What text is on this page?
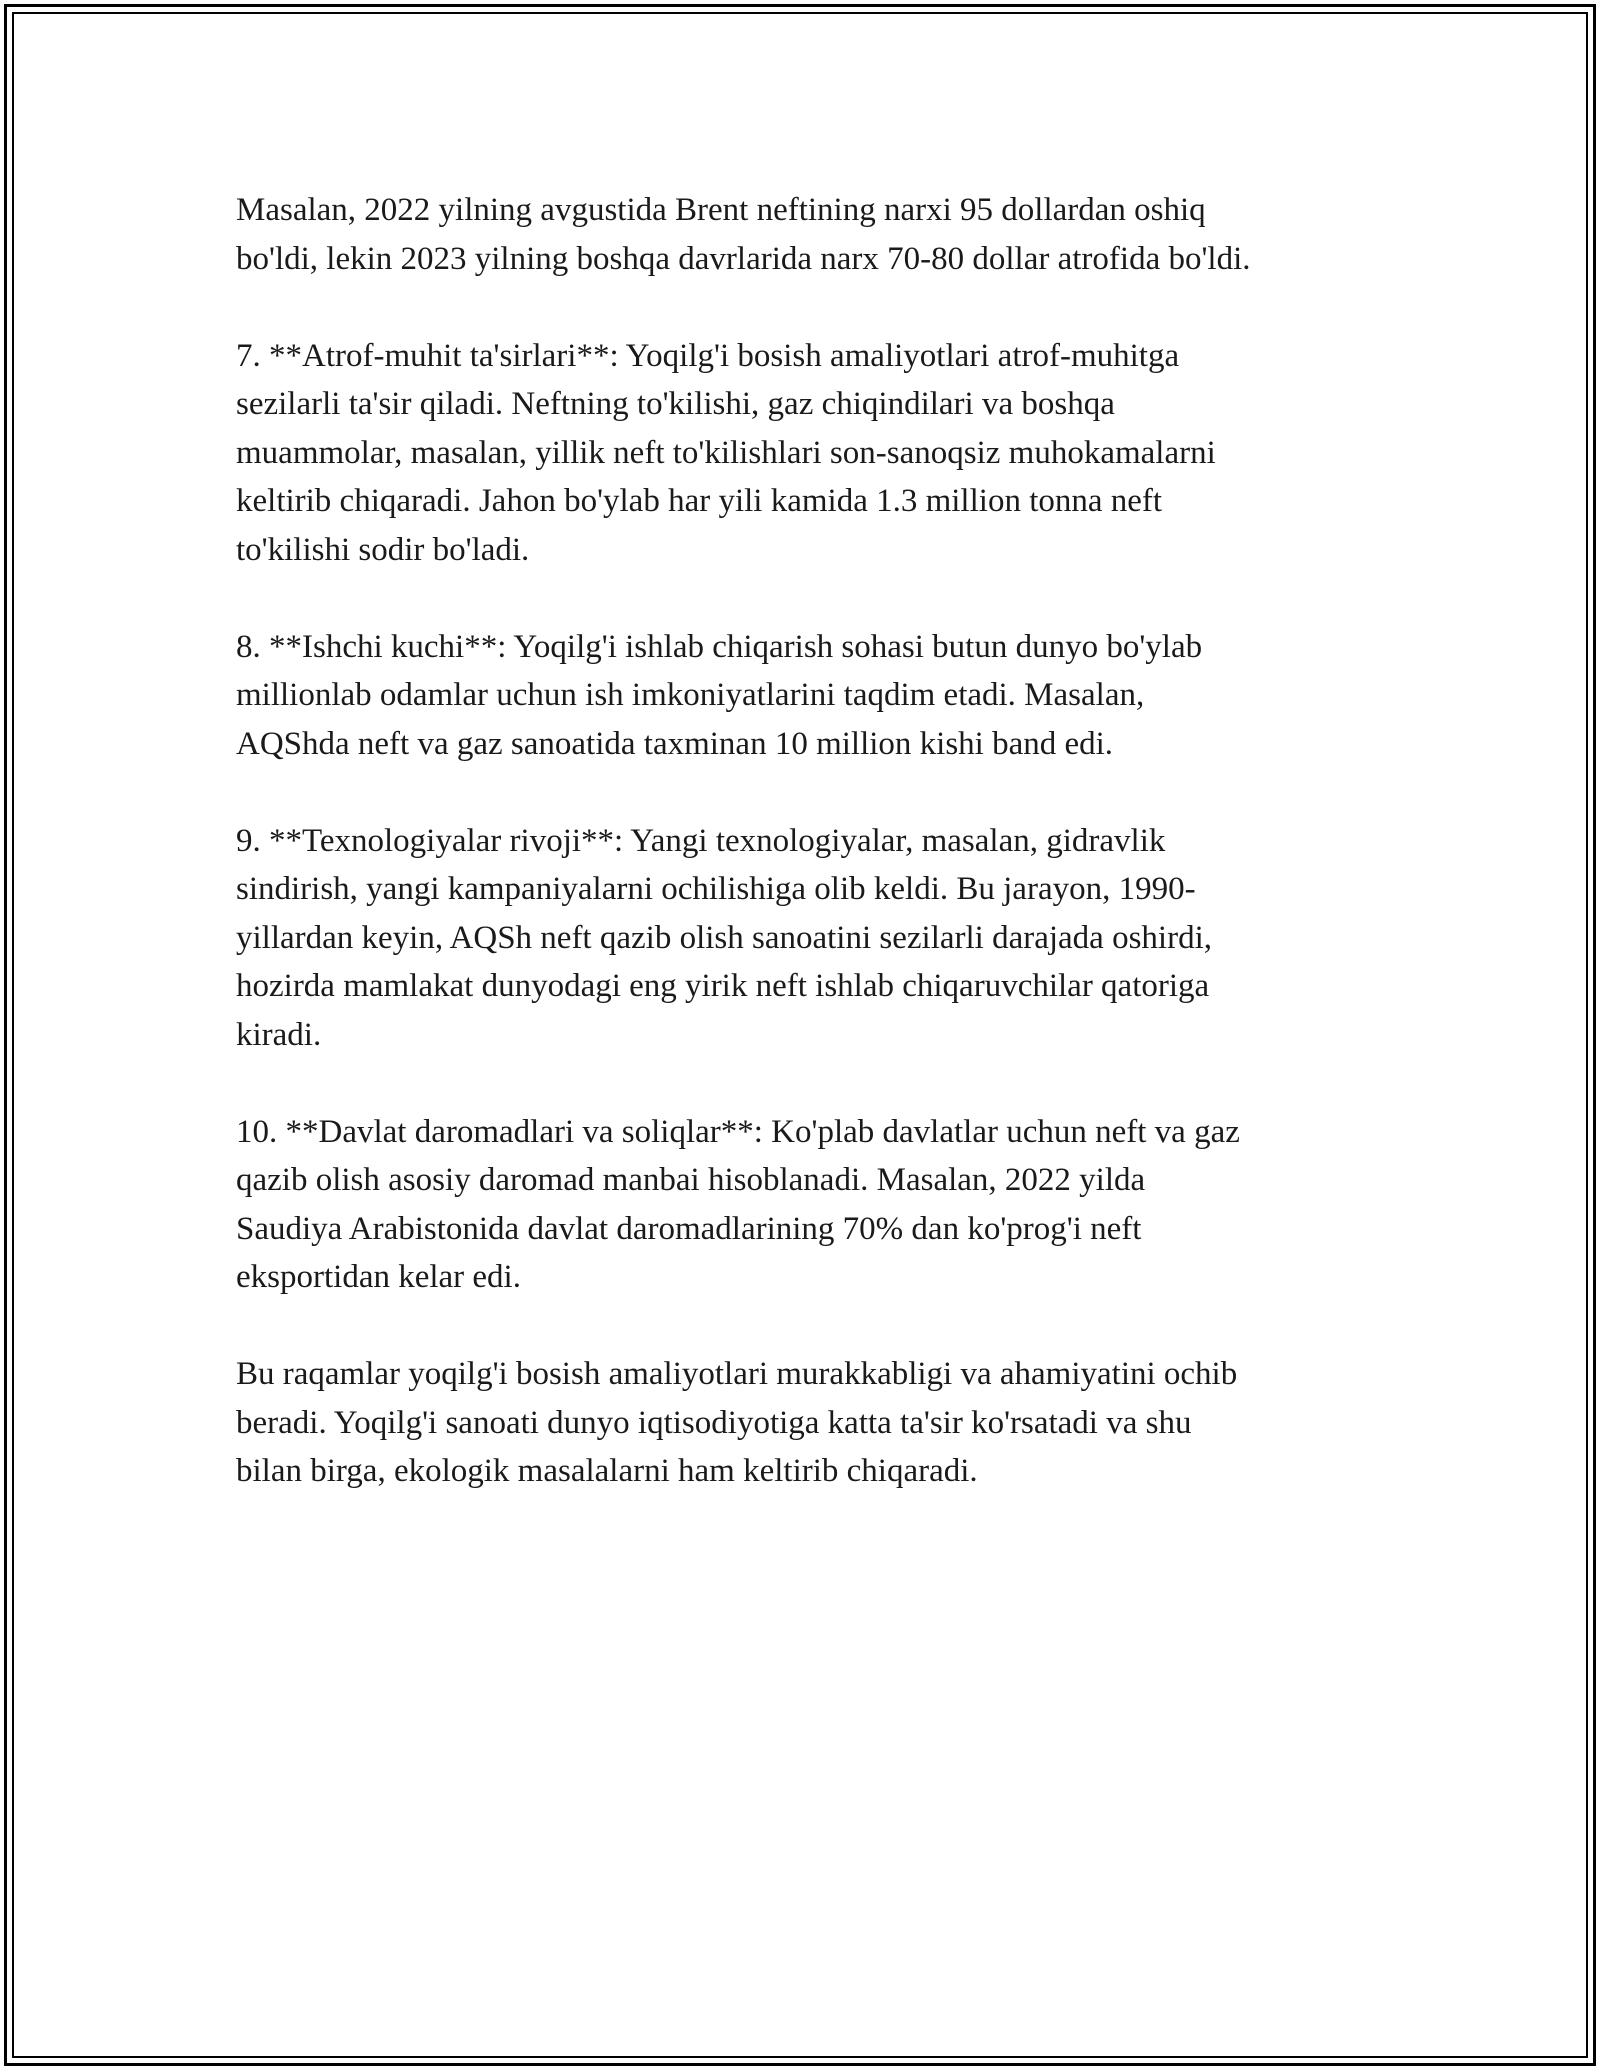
Masalan, 2022 yilning avgustida Brent neftining narxi 95 dollardan oshiq
bo'ldi, lekin 2023 yilning boshqa davrlarida narx 70-80 dollar atrofida bo'ldi.

7. **Atrof-muhit ta'sirlari**: Yoqilg'i bosish amaliyotlari atrof-muhitga
sezilarli ta'sir qiladi. Neftning to'kilishi, gaz chiqindilari va boshqa
muammolar, masalan, yillik neft to'kilishlari son-sanoqsiz muhokamalarni
keltirib chiqaradi. Jahon bo'ylab har yili kamida 1.3 million tonna neft
to'kilishi sodir bo'ladi.

8. **Ishchi kuchi**: Yoqilg'i ishlab chiqarish sohasi butun dunyo bo'ylab
millionlab odamlar uchun ish imkoniyatlarini taqdim etadi. Masalan,
AQShda neft va gaz sanoatida taxminan 10 million kishi band edi.

9. **Texnologiyalar rivoji**: Yangi texnologiyalar, masalan, gidravlik
sindirish, yangi kampaniyalarni ochilishiga olib keldi. Bu jarayon, 1990-
yillardan keyin, AQSh neft qazib olish sanoatini sezilarli darajada oshirdi,
hozirda mamlakat dunyodagi eng yirik neft ishlab chiqaruvchilar qatoriga
kiradi.

10. **Davlat daromadlari va soliqlar**: Ko'plab davlatlar uchun neft va gaz
qazib olish asosiy daromad manbai hisoblanadi. Masalan, 2022 yilda
Saudiya Arabistonida davlat daromadlarining 70% dan ko'prog'i neft
eksportidan kelar edi.

Bu raqamlar yoqilg'i bosish amaliyotlari murakkabligi va ahamiyatini ochib
beradi. Yoqilg'i sanoati dunyo iqtisodiyotiga katta ta'sir ko'rsatadi va shu
bilan birga, ekologik masalalarni ham keltirib chiqaradi.
